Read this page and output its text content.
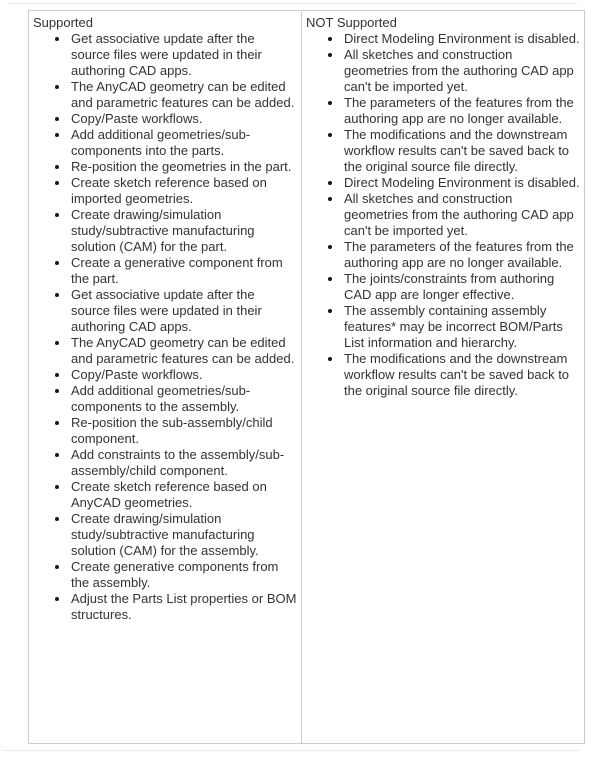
Supported
Get associative update after the source files were updated in their authoring CAD apps.
The AnyCAD geometry can be edited and parametric features can be added.
Copy/Paste workflows.
Add additional geometries/sub-components into the parts.
Re-position the geometries in the part.
Create sketch reference based on imported geometries.
Create drawing/simulation study/subtractive manufacturing solution (CAM) for the part.
Create a generative component from the part.
Get associative update after the source files were updated in their authoring CAD apps.
The AnyCAD geometry can be edited and parametric features can be added.
Copy/Paste workflows.
Add additional geometries/sub-components to the assembly.
Re-position the sub-assembly/child component.
Add constraints to the assembly/sub-assembly/child component.
Create sketch reference based on AnyCAD geometries.
Create drawing/simulation study/subtractive manufacturing solution (CAM) for the assembly.
Create generative components from the assembly.
Adjust the Parts List properties or BOM structures.
NOT Supported
Direct Modeling Environment is disabled.
All sketches and construction geometries from the authoring CAD app can't be imported yet.
The parameters of the features from the authoring app are no longer available.
The modifications and the downstream workflow results can't be saved back to the original source file directly.
Direct Modeling Environment is disabled.
All sketches and construction geometries from the authoring CAD app can't be imported yet.
The parameters of the features from the authoring app are no longer available.
The joints/constraints from authoring CAD app are longer effective.
The assembly containing assembly features* may be incorrect BOM/Parts List information and hierarchy.
The modifications and the downstream workflow results can't be saved back to the original source file directly.
